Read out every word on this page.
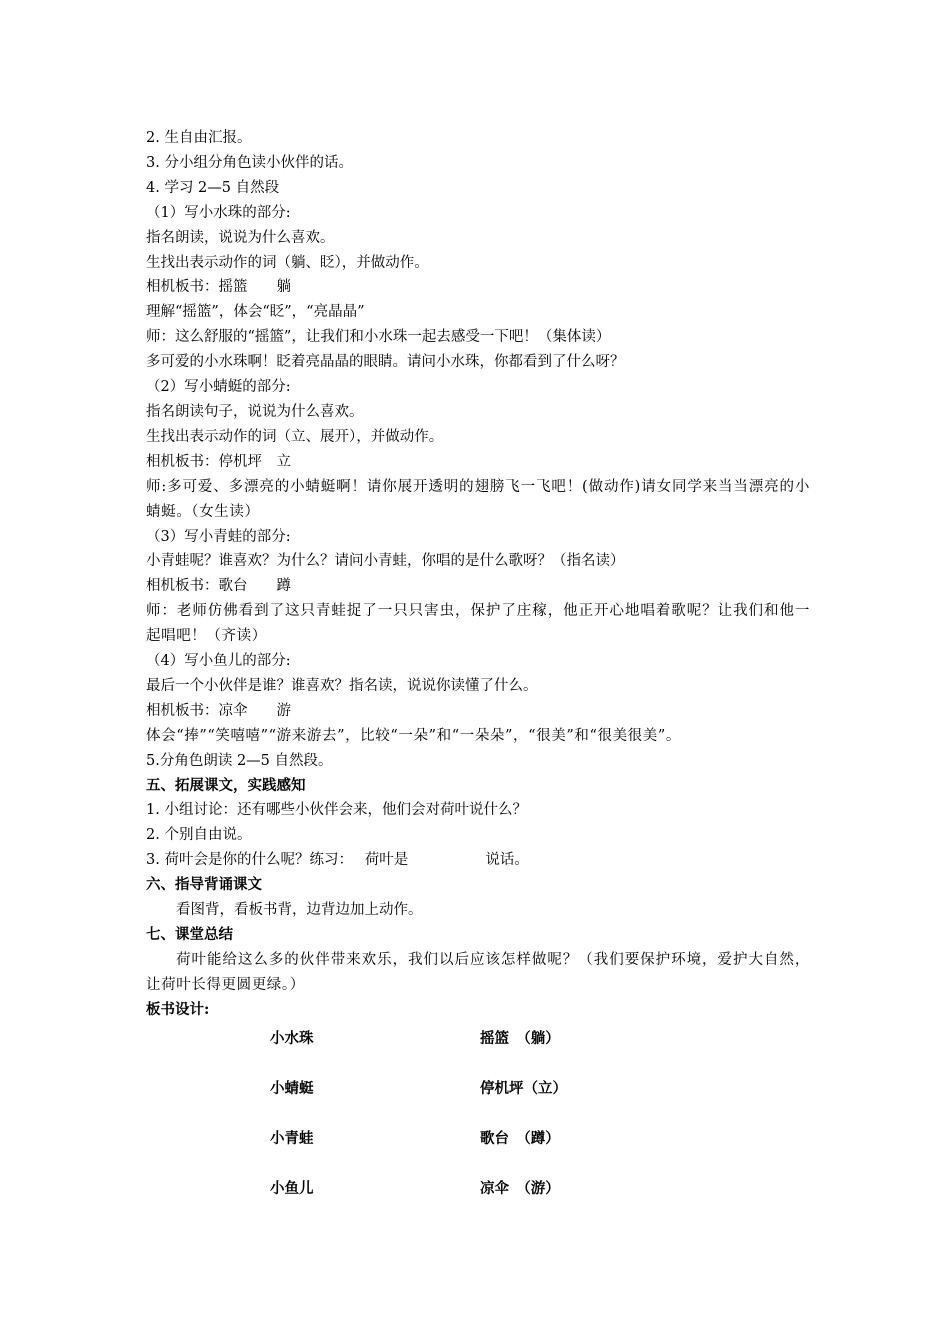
2. 生自由汇报。

3. 分小组分角色读小伙伴的话。

4. 学习 2—5 自然段

（1）写小水珠的部分:

指名朗读，说说为什么喜欢。

生找出表示动作的词（躺、眨），并做动作。

相机板书：摇篮　　躺

理解“摇篮”，体会“眨”，“亮晶晶”

师：这么舒服的“摇篮”，让我们和小水珠一起去感受一下吧！（集体读）

多可爱的小水珠啊！眨着亮晶晶的眼睛。请问小水珠，你都看到了什么呀？

（2）写小蜻蜓的部分:

指名朗读句子，说说为什么喜欢。

生找出表示动作的词（立、展开），并做动作。

相机板书：停机坪　立

师:多可爱、多漂亮的小蜻蜓啊！请你展开透明的翅膀飞一飞吧！(做动作)请女同学来当当漂亮的小蜻蜓。（女生读）

（3）写小青蛙的部分:

小青蛙呢？谁喜欢？为什么？请问小青蛙，你唱的是什么歌呀？（指名读）

相机板书：歌台　　蹲

师：老师仿佛看到了这只青蛙捉了一只只害虫，保护了庄稼，他正开心地唱着歌呢？让我们和他一起唱吧！（齐读）

（4）写小鱼儿的部分:

最后一个小伙伴是谁？谁喜欢？指名读，说说你读懂了什么。

相机板书：凉伞　　游

体会“捧”“笑嘻嘻”“游来游去”，比较“一朵”和“一朵朵”，“很美”和“很美很美”。

5.分角色朗读 2—5 自然段。

五、拓展课文，实践感知

1. 小组讨论：还有哪些小伙伴会来，他们会对荷叶说什么？

2. 个别自由说。

3. 荷叶会是你的什么呢？练习：　 荷叶是　　　　　 说话。

六、指导背诵课文

看图背，看板书背，边背边加上动作。

七、课堂总结

荷叶能给这么多的伙伴带来欢乐，我们以后应该怎样做呢？（我们要保护环境，爱护大自然，让荷叶长得更圆更绿。）

板书设计:

小水珠	摇篮　（躺）
小蜻蜓	停机坪（立）
小青蛙	歌台　（蹲）
小鱼儿	凉伞　（游）
